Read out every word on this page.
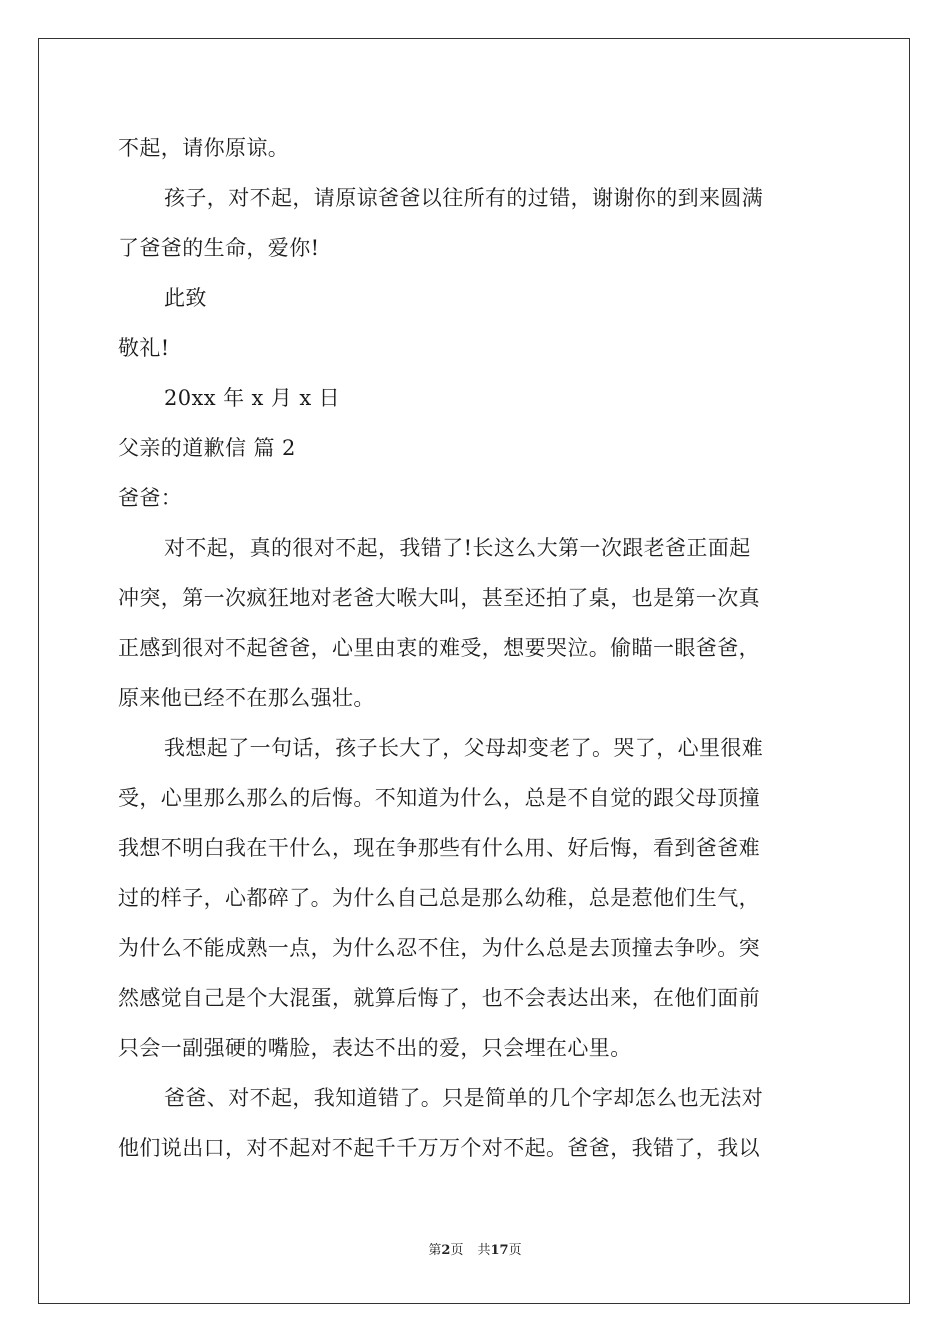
不起，请你原谅。
孩子，对不起，请原谅爸爸以往所有的过错，谢谢你的到来圆满
了爸爸的生命，爱你!
此致
敬礼!
20xx 年 x 月 x 日
父亲的道歉信 篇 2
爸爸：
对不起，真的很对不起，我错了!长这么大第一次跟老爸正面起
冲突，第一次疯狂地对老爸大喉大叫，甚至还拍了桌，也是第一次真
正感到很对不起爸爸，心里由衷的难受，想要哭泣。偷瞄一眼爸爸，
原来他已经不在那么强壮。
我想起了一句话，孩子长大了，父母却变老了。哭了，心里很难
受，心里那么那么的后悔。不知道为什么，总是不自觉的跟父母顶撞
我想不明白我在干什么，现在争那些有什么用、好后悔，看到爸爸难
过的样子，心都碎了。为什么自己总是那么幼稚，总是惹他们生气，
为什么不能成熟一点，为什么忍不住，为什么总是去顶撞去争吵。突
然感觉自己是个大混蛋，就算后悔了，也不会表达出来，在他们面前
只会一副强硬的嘴脸，表达不出的爱，只会埋在心里。
爸爸、对不起，我知道错了。只是简单的几个字却怎么也无法对
他们说出口，对不起对不起千千万万个对不起。爸爸，我错了，我以
第2页 共17页
